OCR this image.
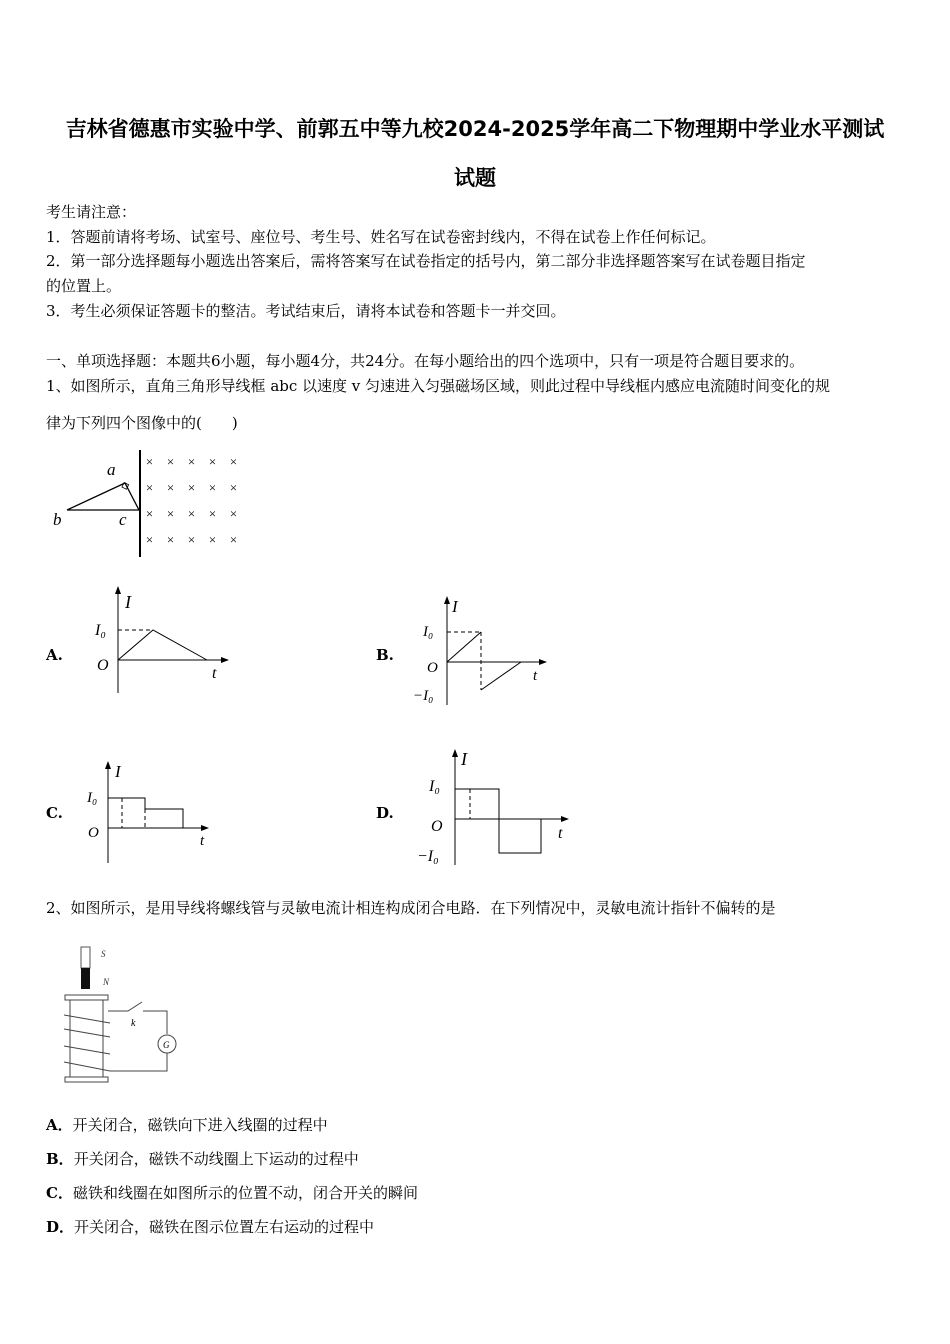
吉林省德惠市实验中学、前郭五中等九校2024-2025学年高二下物理期中学业水平测试
试题
考生请注意：
1．答题前请将考场、试室号、座位号、考生号、姓名写在试卷密封线内，不得在试卷上作任何标记。
2．第一部分选择题每小题选出答案后，需将答案写在试卷指定的括号内，第二部分非选择题答案写在试卷题目指定
的位置上。
3．考生必须保证答题卡的整洁。考试结束后，请将本试卷和答题卡一并交回。
一、单项选择题：本题共6小题，每小题4分，共24分。在每小题给出的四个选项中，只有一项是符合题目要求的。
1、如图所示，直角三角形导线框 abc 以速度 v 匀速进入匀强磁场区域，则此过程中导线框内感应电流随时间变化的规
律为下列四个图像中的(　　)
a
b	c
× × × × ×
× × × × ×
× × × × ×
× × × × ×
A.
I
I₀
O	t
B.
I
I₀
O
−I₀
t
C.
I
I₀
O	t
D.
I
I₀
O
−I₀
t
2、如图所示，是用导线将螺线管与灵敏电流计相连构成闭合电路．在下列情况中，灵敏电流计指针不偏转的是
S
N
k
G
A．开关闭合，磁铁向下进入线圈的过程中
B．开关闭合，磁铁不动线圈上下运动的过程中
C．磁铁和线圈在如图所示的位置不动，闭合开关的瞬间
D．开关闭合，磁铁在图示位置左右运动的过程中
